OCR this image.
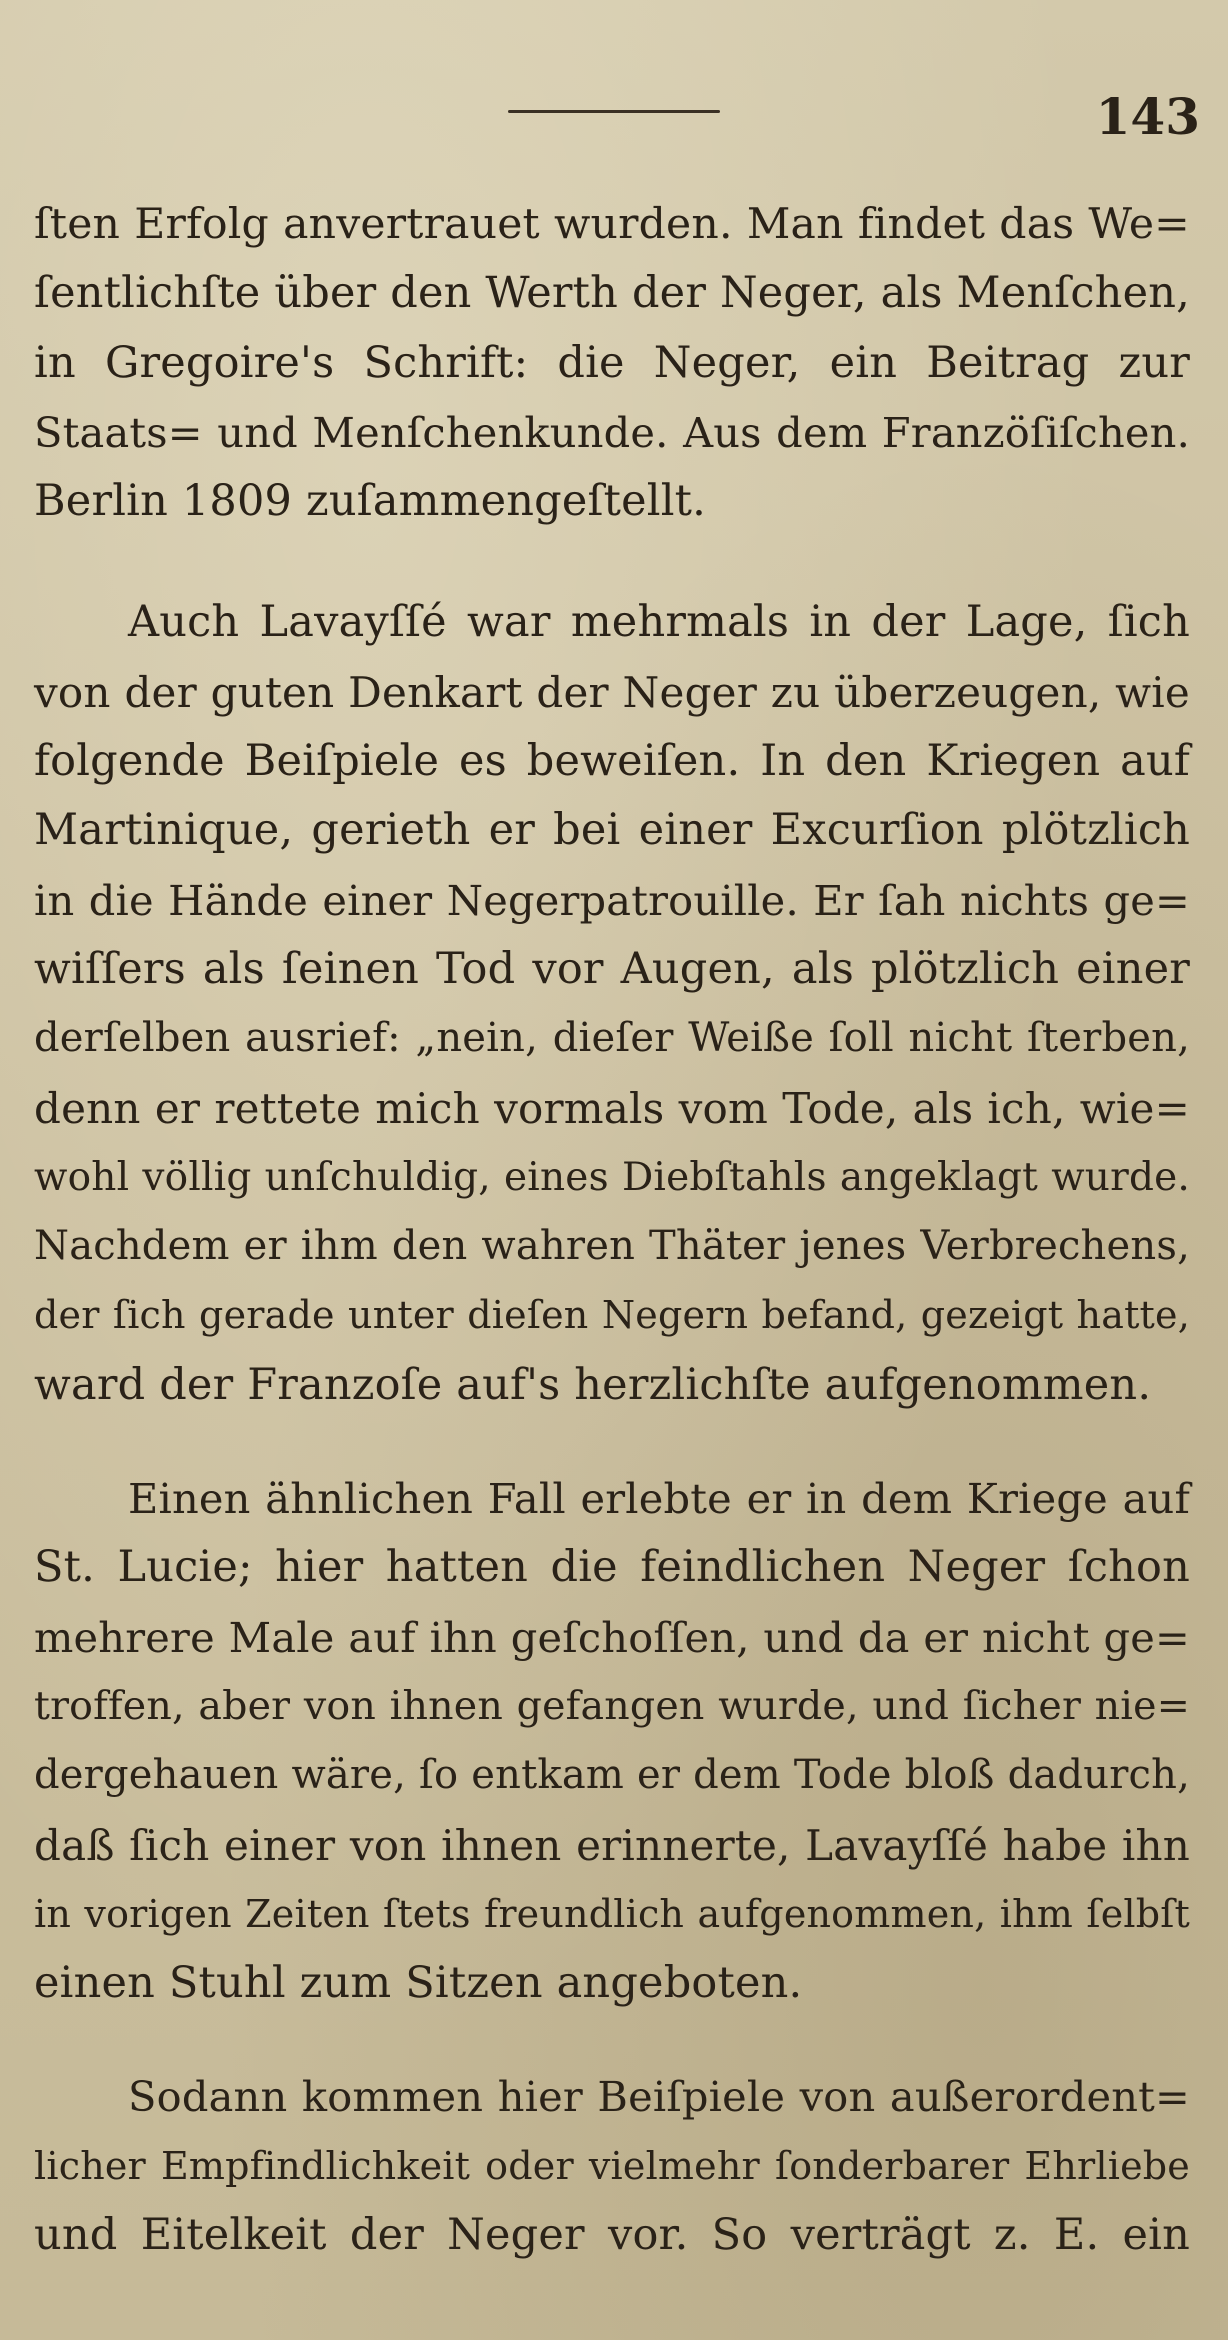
143
ſten Erfolg anvertrauet wurden. Man findet das We=
ſentlichſte über den Werth der Neger, als Menſchen,
in Gregoire's Schrift: die Neger, ein Beitrag zur
Staats= und Menſchenkunde. Aus dem Franzöſiſchen.
Berlin 1809 zuſammengeſtellt.
Auch Lavayſſé war mehrmals in der Lage, ſich
von der guten Denkart der Neger zu überzeugen, wie
folgende Beiſpiele es beweiſen. In den Kriegen auf
Martinique, gerieth er bei einer Excurſion plötzlich
in die Hände einer Negerpatrouille. Er ſah nichts ge=
wiſſers als ſeinen Tod vor Augen, als plötzlich einer
derſelben ausrief: „nein, dieſer Weiße ſoll nicht ſterben,
denn er rettete mich vormals vom Tode, als ich, wie=
wohl völlig unſchuldig, eines Diebſtahls angeklagt wurde.
Nachdem er ihm den wahren Thäter jenes Verbrechens,
der ſich gerade unter dieſen Negern befand, gezeigt hatte,
ward der Franzoſe auf's herzlichſte aufgenommen.
Einen ähnlichen Fall erlebte er in dem Kriege auf
St. Lucie; hier hatten die feindlichen Neger ſchon
mehrere Male auf ihn geſchoſſen, und da er nicht ge=
troffen, aber von ihnen gefangen wurde, und ſicher nie=
dergehauen wäre, ſo entkam er dem Tode bloß dadurch,
daß ſich einer von ihnen erinnerte, Lavayſſé habe ihn
in vorigen Zeiten ſtets freundlich aufgenommen, ihm ſelbſt
einen Stuhl zum Sitzen angeboten.
Sodann kommen hier Beiſpiele von außerordent=
licher Empfindlichkeit oder vielmehr ſonderbarer Ehrliebe
und Eitelkeit der Neger vor. So verträgt z. E. ein
